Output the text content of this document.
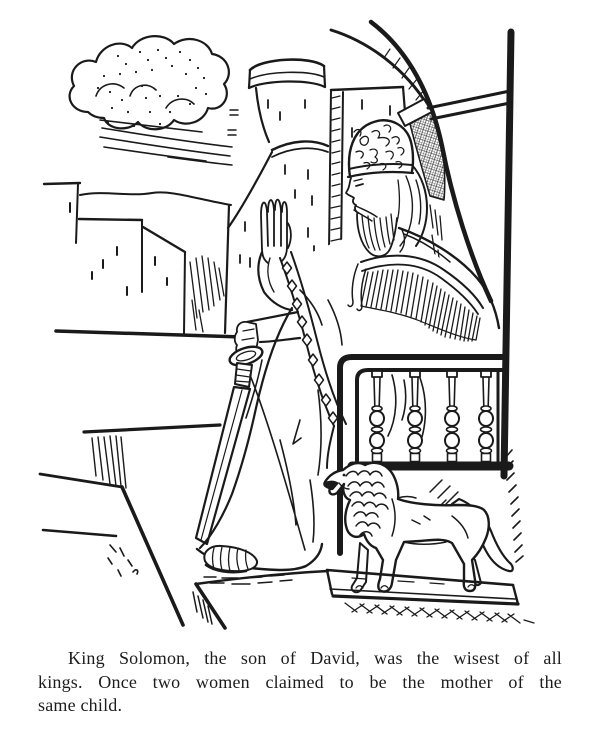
King Solomon, the son of David, was the wisest of all

kings. Once two women claimed to be the mother of the

same child.
